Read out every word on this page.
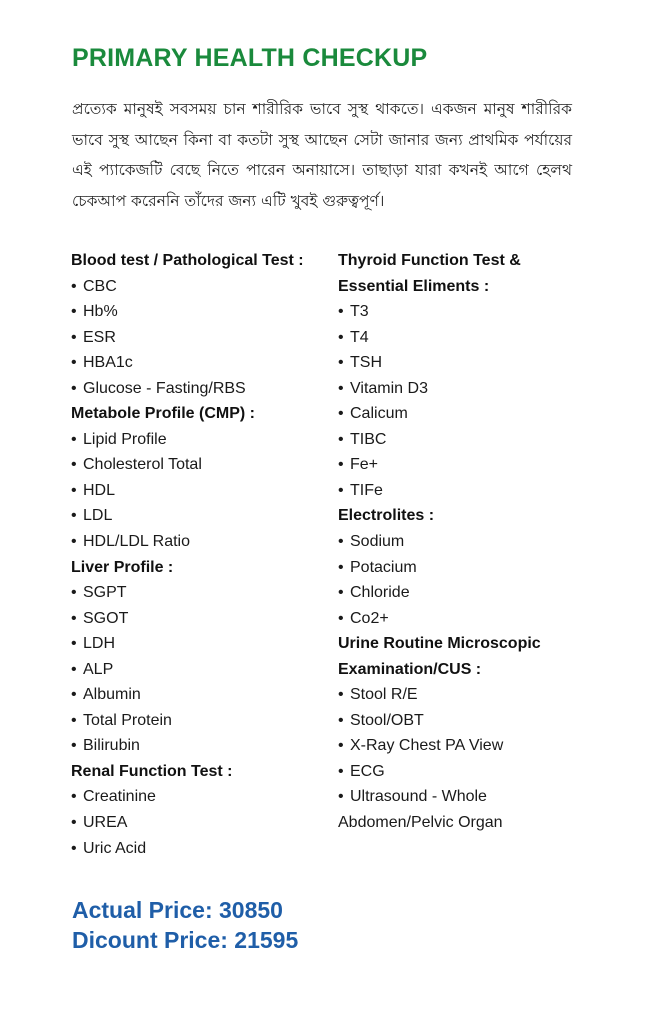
PRIMARY HEALTH CHECKUP
প্রত্যেক মানুষই সবসময় চান শারীরিক ভাবে সুস্থ থাকতে। একজন মানুষ শারীরিক ভাবে সুস্থ আছেন কিনা বা কতটা সুস্থ আছেন সেটা জানার জন্য প্রাথমিক পর্যায়ের এই প্যাকেজটি বেছে নিতে পারেন অনায়াসে। তাছাড়া যারা কখনই আগে হেলথ চেকআপ করেননি তাঁদের জন্য এটি খুবই গুরুত্বপূর্ণ।
Blood test / Pathological Test :
• CBC
• Hb%
• ESR
• HBA1c
• Glucose - Fasting/RBS
Metabole Profile (CMP) :
• Lipid Profile
• Cholesterol Total
• HDL
• LDL
• HDL/LDL Ratio
Liver Profile :
• SGPT
• SGOT
• LDH
• ALP
• Albumin
• Total Protein
• Bilirubin
Renal Function Test :
• Creatinine
• UREA
• Uric Acid
Thyroid Function Test &
Essential Eliments :
• T3
• T4
• TSH
• Vitamin D3
• Calicum
• TIBC
• Fe+
• TIFe
Electrolites :
• Sodium
• Potacium
• Chloride
• Co2+
Urine Routine Microscopic
Examination/CUS :
• Stool R/E
• Stool/OBT
• X-Ray Chest PA View
• ECG
• Ultrasound - Whole
Abdomen/Pelvic Organ
Actual Price: 30850
Dicount Price: 21595
